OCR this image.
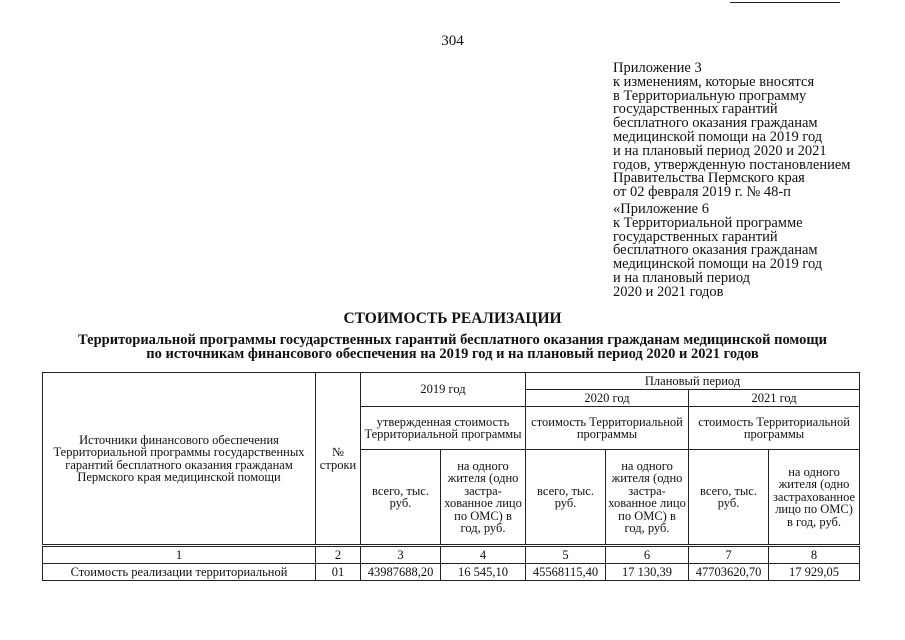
304
Приложение 3
к изменениям, которые вносятся
в Территориальную программу
государственных гарантий
бесплатного оказания гражданам
медицинской помощи на 2019 год
и на плановый период 2020 и 2021
годов, утвержденную постановлением
Правительства Пермского края
от 02 февраля 2019 г. № 48-п
«Приложение 6
к Территориальной программе
государственных гарантий
бесплатного оказания гражданам
медицинской помощи на 2019 год
и на плановый период
2020 и 2021 годов
СТОИМОСТЬ РЕАЛИЗАЦИИ
Территориальной программы государственных гарантий бесплатного оказания гражданам медицинской помощи
по источникам финансового обеспечения на 2019 год и на плановый период 2020 и 2021 годов
Источники финансового обеспечения Территориальной программы государственных гарантий бесплатного оказания гражданам Пермского края медицинской помощи	№ строки	2019 год		Плановый период			
				2020 год		2021 год	
		утвержденная стоимость Территориальной программы		стоимость Территориальной программы		стоимость Территориальной программы	
		всего, тыс. руб.	на одного жителя (одно застра-хованное лицо по ОМС) в год, руб.	всего, тыс. руб.	на одного жителя (одно застра-хованное лицо по ОМС) в год, руб.	всего, тыс. руб.	на одного жителя (одно застрахованное лицо по ОМС) в год, руб.
1	2	3	4	5	6	7	8
Стоимость реализации территориальной	01	43987688,20	16 545,10	45568115,40	17 130,39	47703620,70	17 929,05
